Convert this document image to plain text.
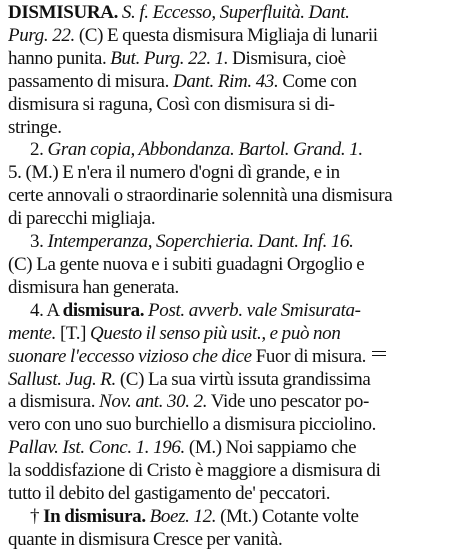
DISMISURA. S. f. Eccesso, Superfluità. Dant.
Purg. 22. (C) E questa dismisura Migliaja di lunarii
hanno punita. But. Purg. 22. 1. Dismisura, cioè
passamento di misura. Dant. Rim. 43. Come con
dismisura si raguna, Così con dismisura si di-
stringe.
2. Gran copia, Abbondanza. Bartol. Grand. 1.
5. (M.) E n'era il numero d'ogni dì grande, e in
certe annovali o straordinarie solennità una dismisura
di parecchi migliaja.
3. Intemperanza, Soperchieria. Dant. Inf. 16.
(C) La gente nuova e i subiti guadagni Orgoglio e
dismisura han generata.
4. A dismisura. Post. avverb. vale Smisurata-
mente. [T.] Questo il senso più usit., e può non
suonare l'eccesso vizioso che dice Fuor di misura.
Sallust. Jug. R. (C) La sua virtù issuta grandissima
a dismisura. Nov. ant. 30. 2. Vide uno pescator po-
vero con uno suo burchiello a dismisura picciolino.
Pallav. Ist. Conc. 1. 196. (M.) Noi sappiamo che
la soddisfazione di Cristo è maggiore a dismisura di
tutto il debito del gastigamento de' peccatori.
† In dismisura. Boez. 12. (Mt.) Cotante volte
quante in dismisura Cresce per vanità.
